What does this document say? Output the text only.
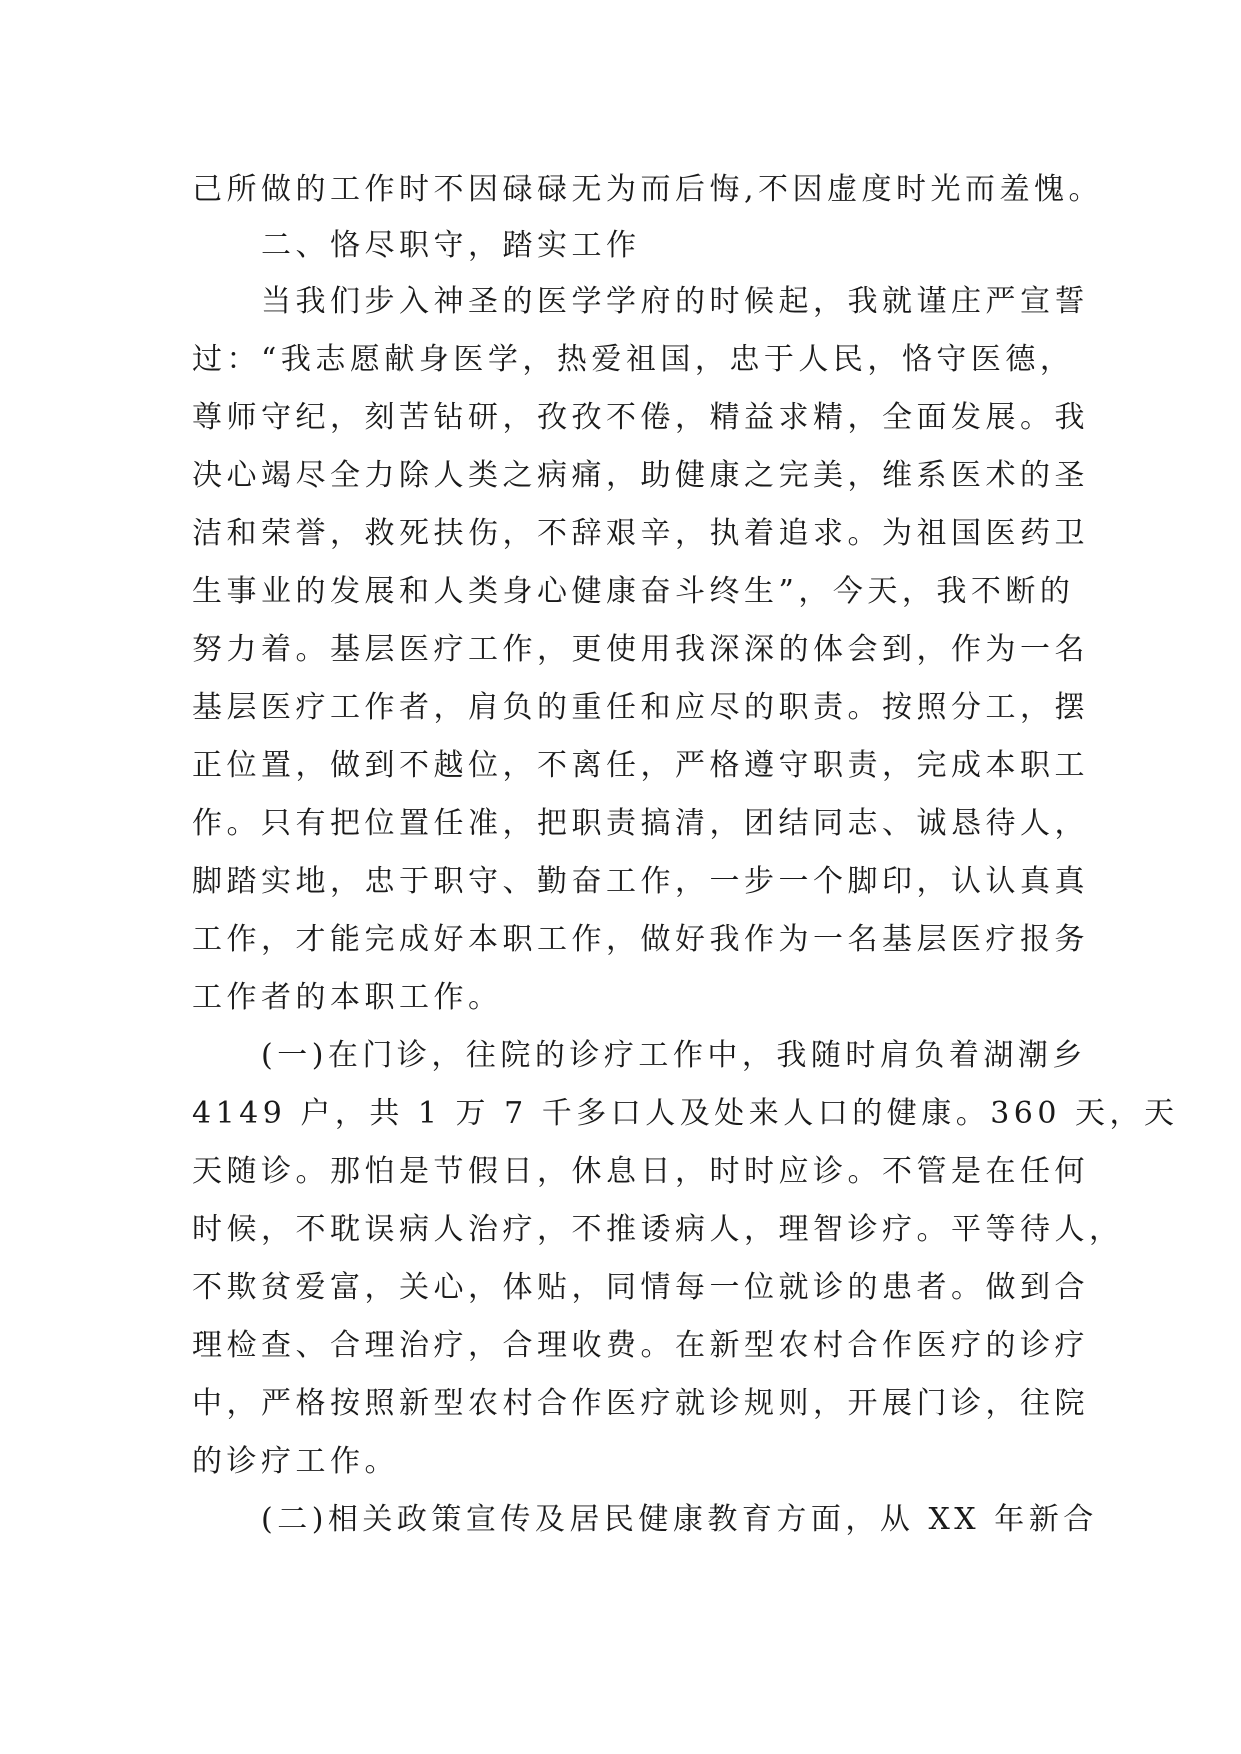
己所做的工作时不因碌碌无为而后悔,不因虚度时光而羞愧。
　　二、恪尽职守，踏实工作
　　当我们步入神圣的医学学府的时候起，我就谨庄严宣誓
过：“我志愿献身医学，热爱祖国，忠于人民，恪守医德，
尊师守纪，刻苦钻研，孜孜不倦，精益求精，全面发展。我
决心竭尽全力除人类之病痛，助健康之完美，维系医术的圣
洁和荣誉，救死扶伤，不辞艰辛，执着追求。为祖国医药卫
生事业的发展和人类身心健康奋斗终生”，今天，我不断的
努力着。基层医疗工作，更使用我深深的体会到，作为一名
基层医疗工作者，肩负的重任和应尽的职责。按照分工，摆
正位置，做到不越位，不离任，严格遵守职责，完成本职工
作。只有把位置任准，把职责搞清，团结同志、诚恳待人，
脚踏实地，忠于职守、勤奋工作，一步一个脚印，认认真真
工作，才能完成好本职工作，做好我作为一名基层医疗报务
工作者的本职工作。
　　(一)在门诊，往院的诊疗工作中，我随时肩负着湖潮乡
4149 户，共 1 万 7 千多口人及处来人口的健康。360 天，天
天随诊。那怕是节假日，休息日，时时应诊。不管是在任何
时候，不耽误病人治疗，不推诿病人，理智诊疗。平等待人，
不欺贫爱富，关心，体贴，同情每一位就诊的患者。做到合
理检查、合理治疗，合理收费。在新型农村合作医疗的诊疗
中，严格按照新型农村合作医疗就诊规则，开展门诊，往院
的诊疗工作。
　　(二)相关政策宣传及居民健康教育方面，从 XX 年新合
